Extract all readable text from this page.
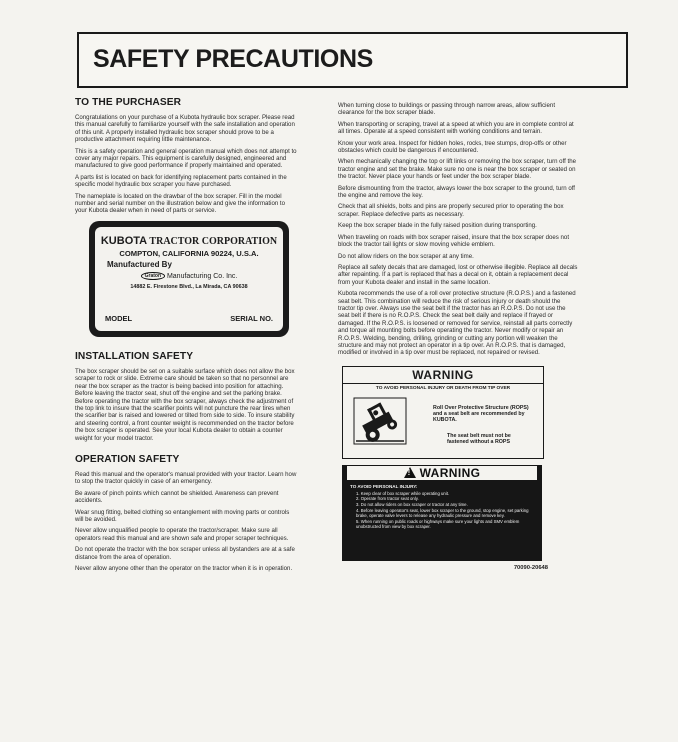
SAFETY PRECAUTIONS
TO THE PURCHASER
Congratulations on your purchase of a Kubota hydraulic box scraper. Please read this manual carefully to familiarize yourself with the safe installation and operation of this unit. A properly installed hydraulic box scraper should prove to be a productive attachment requiring little maintenance.
This is a safety operation and general operation manual which does not attempt to cover any major repairs. This equipment is carefully designed, engineered and manufactured to give good performance if properly maintained and operated.
A parts list is located on back for identifying replacement parts contained in the specific model hydraulic box scraper you have purchased.
The nameplate is located on the drawbar of the box scraper. Fill in the model number and serial number on the illustration below and give the information to your Kubota dealer when in need of parts or service.
KUBOTA TRACTOR CORPORATION
COMPTON, CALIFORNIA 90224, U.S.A.
Manufactured By
Graton Manufacturing Co. Inc.
14882 E. Firestone Blvd., La Mirada, CA 90638
MODEL	SERIAL NO.
INSTALLATION SAFETY
The box scraper should be set on a suitable surface which does not allow the box scraper to rock or slide. Extreme care should be taken so that no personnel are near the box scraper as the tractor is being backed into position for attaching. Before leaving the tractor seat, shut off the engine and set the parking brake. Before operating the tractor with the box scraper, always check the adjustment of the top link to insure that the scarifier points will not puncture the rear tires when the scarifier bar is raised and lowered or tilted from side to side. To insure stability and steering control, a front counter weight is recommended on the tractor before the box scraper is operated. See your local Kubota dealer to obtain a counter weight for your model tractor.
OPERATION SAFETY
Read this manual and the operator's manual provided with your tractor. Learn how to stop the tractor quickly in case of an emergency.
Be aware of pinch points which cannot be shielded. Awareness can prevent accidents.
Wear snug fitting, belted clothing so entanglement with moving parts or controls will be avoided.
Never allow unqualified people to operate the tractor/scraper. Make sure all operators read this manual and are shown safe and proper scraper techniques.
Do not operate the tractor with the box scraper unless all bystanders are at a safe distance from the area of operation.
Never allow anyone other than the operator on the tractor when it is in operation.
When turning close to buildings or passing through narrow areas, allow sufficient clearance for the box scraper blade.
When transporting or scraping, travel at a speed at which you are in complete control at all times. Operate at a speed consistent with working conditions and terrain.
Know your work area. Inspect for hidden holes, rocks, tree stumps, drop-offs or other obstacles which could be dangerous if encountered.
When mechanically changing the top or lift links or removing the box scraper, turn off the tractor engine and set the brake. Make sure no one is near the box scraper or seated on the tractor. Never place your hands or feet under the box scraper blade.
Before dismounting from the tractor, always lower the box scraper to the ground, turn off the engine and remove the key.
Check that all shields, bolts and pins are properly secured prior to operating the box scraper. Replace defective parts as necessary.
Keep the box scraper blade in the fully raised position during transporting.
When traveling on roads with box scraper raised, insure that the box scraper does not block the tractor tail lights or slow moving vehicle emblem.
Do not allow riders on the box scraper at any time.
Replace all safety decals that are damaged, lost or otherwise illegible. Replace all decals after repainting. If a part is replaced that has a decal on it, obtain a replacement decal from your Kubota dealer and install in the same location.
Kubota recommends the use of a roll over protective structure (R.O.P.S.) and a fastened seat belt. This combination will reduce the risk of serious injury or death should the tractor tip over. Always use the seat belt if the tractor has an R.O.P.S. Do not use the seat belt if there is no R.O.P.S. Check the seat belt daily and replace if frayed or damaged. If the R.O.P.S. is loosened or removed for service, reinstall all parts correctly and torque all mounting bolts before operating the tractor. Never modify or repair an R.O.P.S. Welding, bending, drilling, grinding or cutting any portion will weaken the structure and may not protect an operator in a tip over. An R.O.P.S. that is damaged, modified or involved in a tip over must be replaced, not repaired or revised.
WARNING
TO AVOID PERSONAL INJURY OR DEATH FROM TIP OVER
Roll Over Protective Structure (ROPS) and a seat belt are recommended by KUBOTA.
The seat belt must not be fastened without a ROPS
!WARNING
TO AVOID PERSONAL INJURY:
1. Keep clear of box scraper while operating unit.
2. Operate from tractor seat only.
3. Do not allow riders on box scraper or tractor at any time.
4. Before leaving operator's seat, lower box scraper to the ground, stop engine, set parking brake, operate valve levers to release any hydraulic pressure and remove key.
5. When running on public roads or highways make sure your lights and SMV emblem unobstructed from view by box scraper.
70090-20648
